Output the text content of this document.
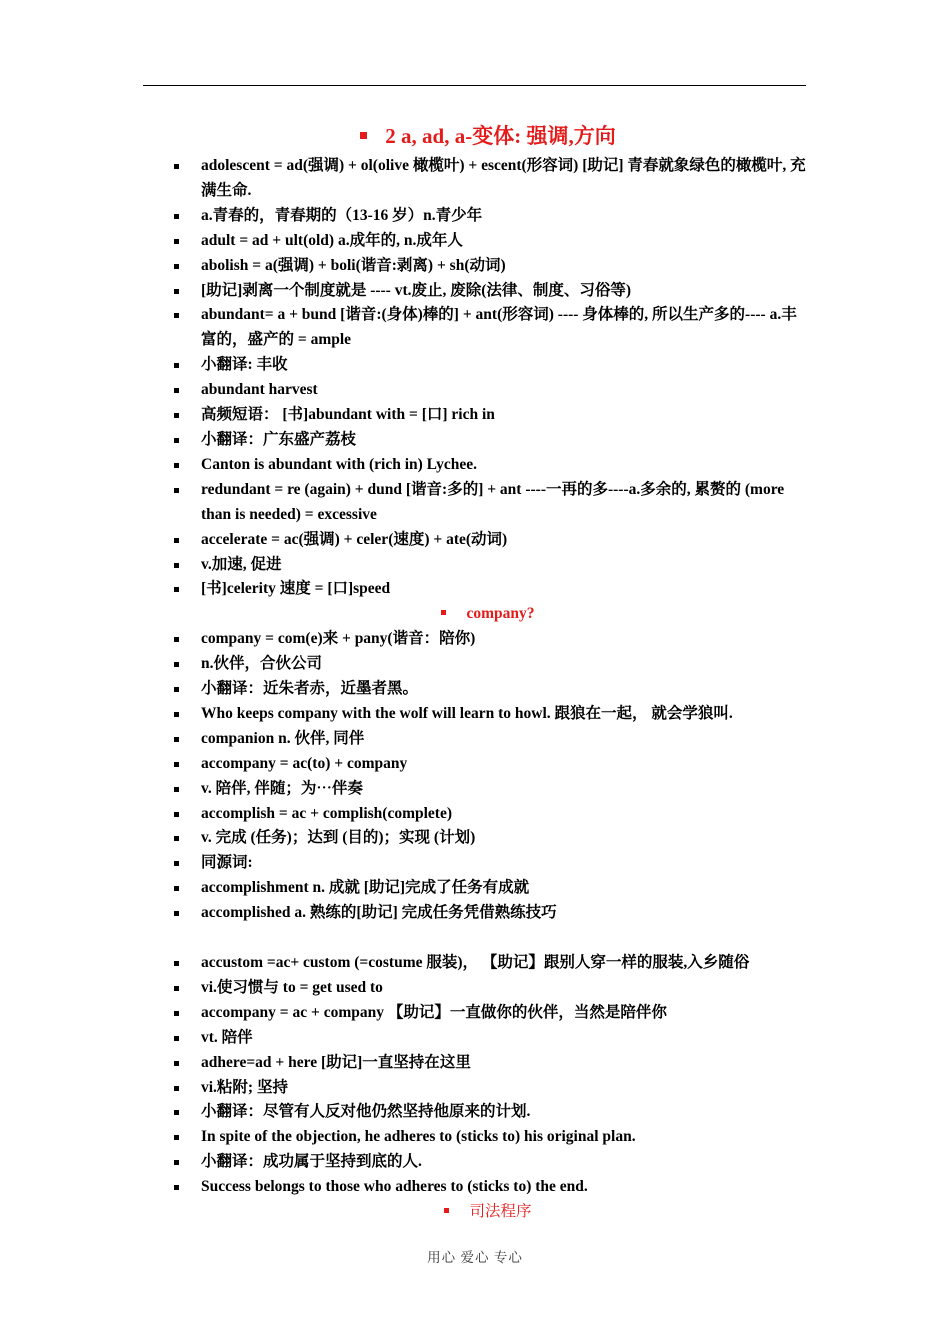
2 a, ad, a-变体: 强调,方向
adolescent = ad(强调) + ol(olive 橄榄叶) + escent(形容词) [助记] 青春就象绿色的橄榄叶, 充满生命.
a.青春的，青春期的（13-16 岁）n.青少年
adult = ad + ult(old) a.成年的, n.成年人
abolish = a(强调) + boli(谐音:剥离) + sh(动词)
[助记]剥离一个制度就是 ---- vt.废止, 废除(法律、制度、习俗等)
abundant= a + bund [谐音:(身体)棒的] + ant(形容词) ---- 身体棒的, 所以生产多的---- a.丰富的，盛产的 = ample
小翻译: 丰收
abundant harvest
高频短语： [书]abundant with = [口] rich in
小翻译：广东盛产荔枝
Canton is abundant with (rich in) Lychee.
redundant = re (again) + dund [谐音:多的] + ant ----一再的多----a.多余的, 累赘的 (more than is needed) = excessive
accelerate = ac(强调) + celer(速度) + ate(动词)
v.加速, 促进
[书]celerity 速度 = [口]speed
company?
company = com(e)来 + pany(谐音：陪你)
n.伙伴，合伙公司
小翻译：近朱者赤，近墨者黑。
Who keeps company with the wolf will learn to howl. 跟狼在一起， 就会学狼叫.
companion n. 伙伴, 同伴
accompany = ac(to) + company
v. 陪伴, 伴随；为⋯伴奏
accomplish = ac + complish(complete)
v. 完成 (任务)；达到 (目的)；实现 (计划)
同源词:
accomplishment n. 成就 [助记]完成了任务有成就
accomplished a. 熟练的[助记] 完成任务凭借熟练技巧
accustom =ac+ custom (=costume 服装)， 【助记】跟别人穿一样的服装,入乡随俗
vi.使习惯与 to = get used to
accompany = ac + company 【助记】一直做你的伙伴，当然是陪伴你
vt. 陪伴
adhere=ad + here [助记]一直坚持在这里
vi.粘附; 坚持
小翻译：尽管有人反对他仍然坚持他原来的计划.
In spite of the objection, he adheres to (sticks to) his original plan.
小翻译：成功属于坚持到底的人.
Success belongs to those who adheres to (sticks to) the end.
司法程序
用心 爱心 专心
